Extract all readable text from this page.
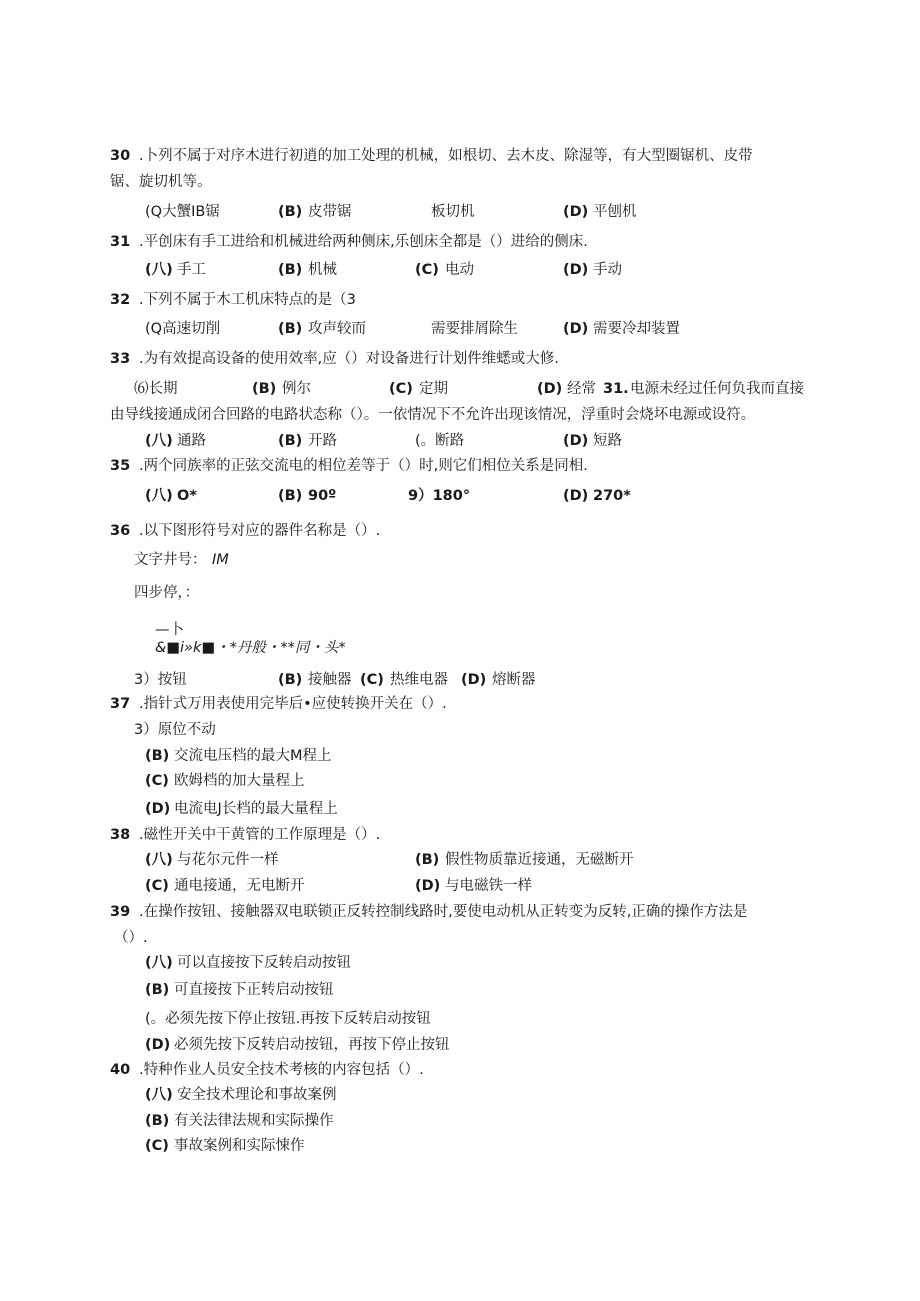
30 .卜列不属于对序木进行初逍的加工处理的机械，如根切、去木皮、除湿等，有大型圈锯机、皮带
锯、旋切机等。
(Q大蟹IB锯	(B) 皮带锯	板切机	(D) 平刨机
31 .平创床有手工进给和机械进给两种侧床,乐刨床全都是（）进给的侧床.
(八) 手工	(B) 机械	(C) 电动	(D) 手动
32 .下列不属于木工机床特点的是（3
(Q高速切削	(B) 攻声较而	需要排屑除生	(D) 需要冷却装置
33 .为有效提高设备的使用效率,应（）对设备进行计划件维蟋或大修.
⑹长期	(B) 例尔	(C) 定期	(D) 经常 31. 电源未经过任何负我而直接
由导线接通成闭合回路的电路状态称（）。一依情况下不允许出现该情况，浮重时会烧坏电源或设符。
(八) 通路	(B) 开路	(。断路	(D) 短路
35 .两个同族率的正弦交流电的相位差等于（）时,则它们相位关系是同相.
(八) O*	(B) 90º	9）180°	(D) 270*
36 .以下图形符号对应的器件名称是（）.
文字井号： IM
四步停，：
—卜
&■i»k■・*丹般・**同・头*
3）按钮	(B) 接触器 (C) 热维电器 (D) 熔断器
37 .指针式万用表使用完毕后•应使转换开关在（）.
3）原位不动
(B) 交流电压档的最大M程上
(C) 欧姆档的加大量程上
(D) 电流电J长档的最大量程上
38 .磁性开关中干黄管的工作原理是（）.
(八) 与花尔元件一样	(B) 假性物质靠近接通，无磁断开
(C) 通电接通，无电断开	(D) 与电磁铁一样
39 .在操作按钮、接触器双电联锁正反转控制线路时,要使电动机从正转变为反转,正确的操作方法是
（）.
(八) 可以直接按下反转启动按钮
(B) 可直接按下正转启动按钮
(。必须先按下停止按钮.再按下反转启动按钮
(D) 必须先按下反转启动按钮，再按下停止按钮
40 .特种作业人员安全技术考核的内容包括（）.
(八) 安全技术理论和事故案例
(B) 有关法律法规和实际操作
(C) 事故案例和实际悚作
